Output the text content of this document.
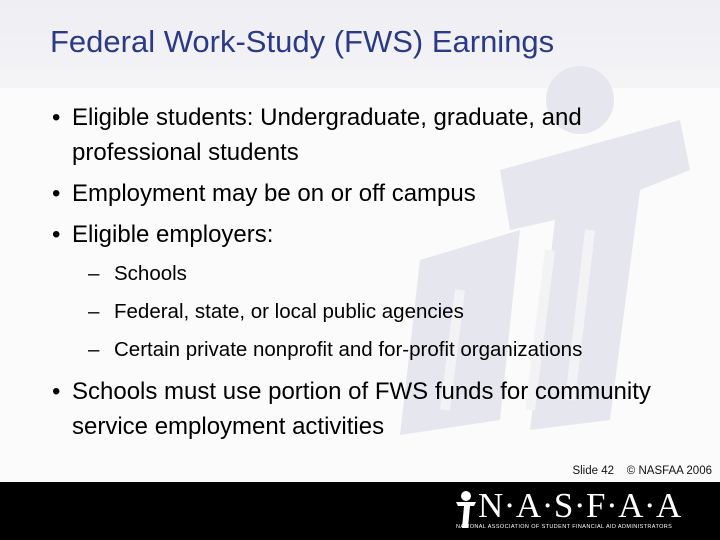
Federal Work-Study (FWS) Earnings
• Eligible students: Undergraduate, graduate, and professional students
• Employment may be on or off campus
• Eligible employers:
– Schools
– Federal, state, or local public agencies
– Certain private nonprofit and for-profit organizations
• Schools must use portion of FWS funds for community service employment activities
Slide 42 © NASFAA 2006
N·A·S·F·A·A
NATIONAL ASSOCIATION OF STUDENT FINANCIAL AID ADMINISTRATORS
